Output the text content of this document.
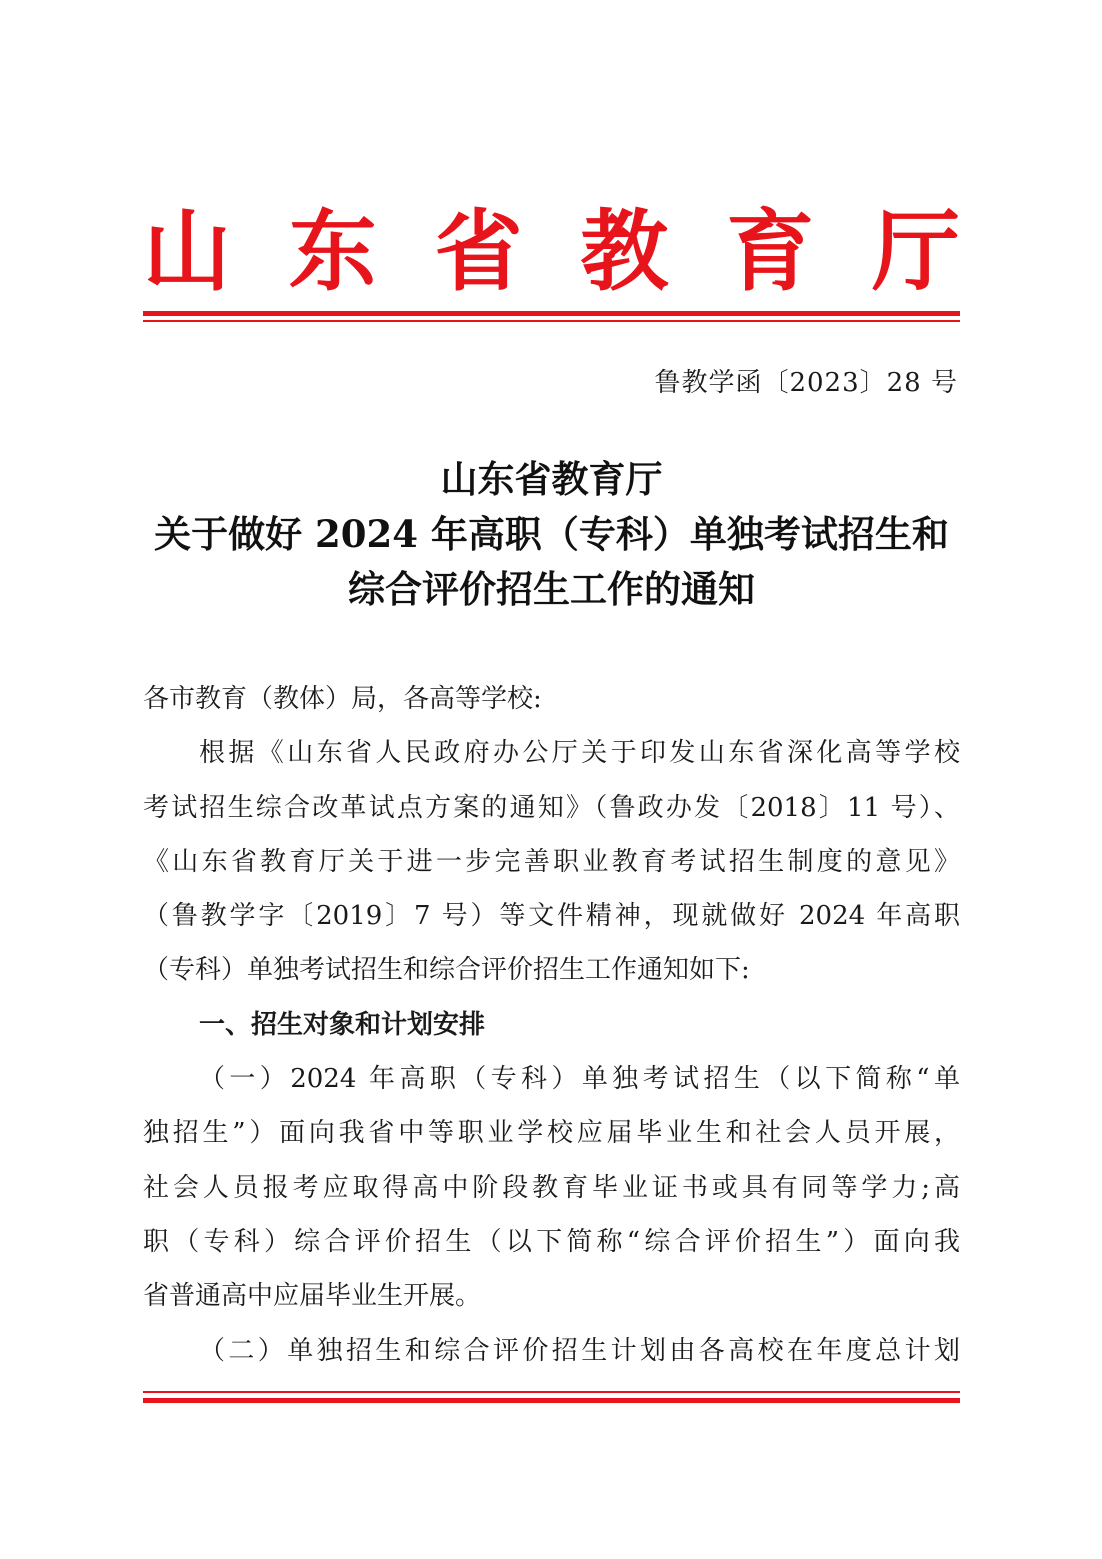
山 东 省 教 育 厅
鲁教学函〔2023〕28 号
山东省教育厅
关于做好 2024 年高职（专科）单独考试招生和
综合评价招生工作的通知
各市教育（教体）局，各高等学校:
根据《山东省人民政府办公厅关于印发山东省深化高等学校
考试招生综合改革试点方案的通知》（鲁政办发〔2018〕11 号）、
《山东省教育厅关于进一步完善职业教育考试招生制度的意见》
（鲁教学字〔2019〕7 号）等文件精神，现就做好 2024 年高职
（专科）单独考试招生和综合评价招生工作通知如下:
一、招生对象和计划安排
（一）2024 年高职（专科）单独考试招生（以下简称“单
独招生”）面向我省中等职业学校应届毕业生和社会人员开展，
社会人员报考应取得高中阶段教育毕业证书或具有同等学力;高
职（专科）综合评价招生（以下简称“综合评价招生”）面向我
省普通高中应届毕业生开展。
（二）单独招生和综合评价招生计划由各高校在年度总计划
